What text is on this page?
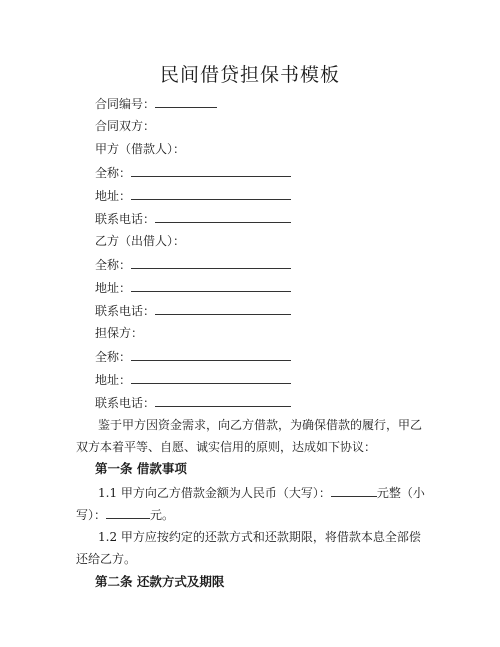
民间借贷担保书模板
合同编号：
合同双方：
甲方（借款人）：
全称：
地址：
联系电话：
乙方（出借人）：
全称：
地址：
联系电话：
担保方：
全称：
地址：
联系电话：
鉴于甲方因资金需求，向乙方借款，为确保借款的履行，甲乙双方本着平等、自愿、诚实信用的原则，达成如下协议：
第一条 借款事项
1.1 甲方向乙方借款金额为人民币（大写）：	元整（小写）：	元。
1.2 甲方应按约定的还款方式和还款期限，将借款本息全部偿还给乙方。
第二条 还款方式及期限
